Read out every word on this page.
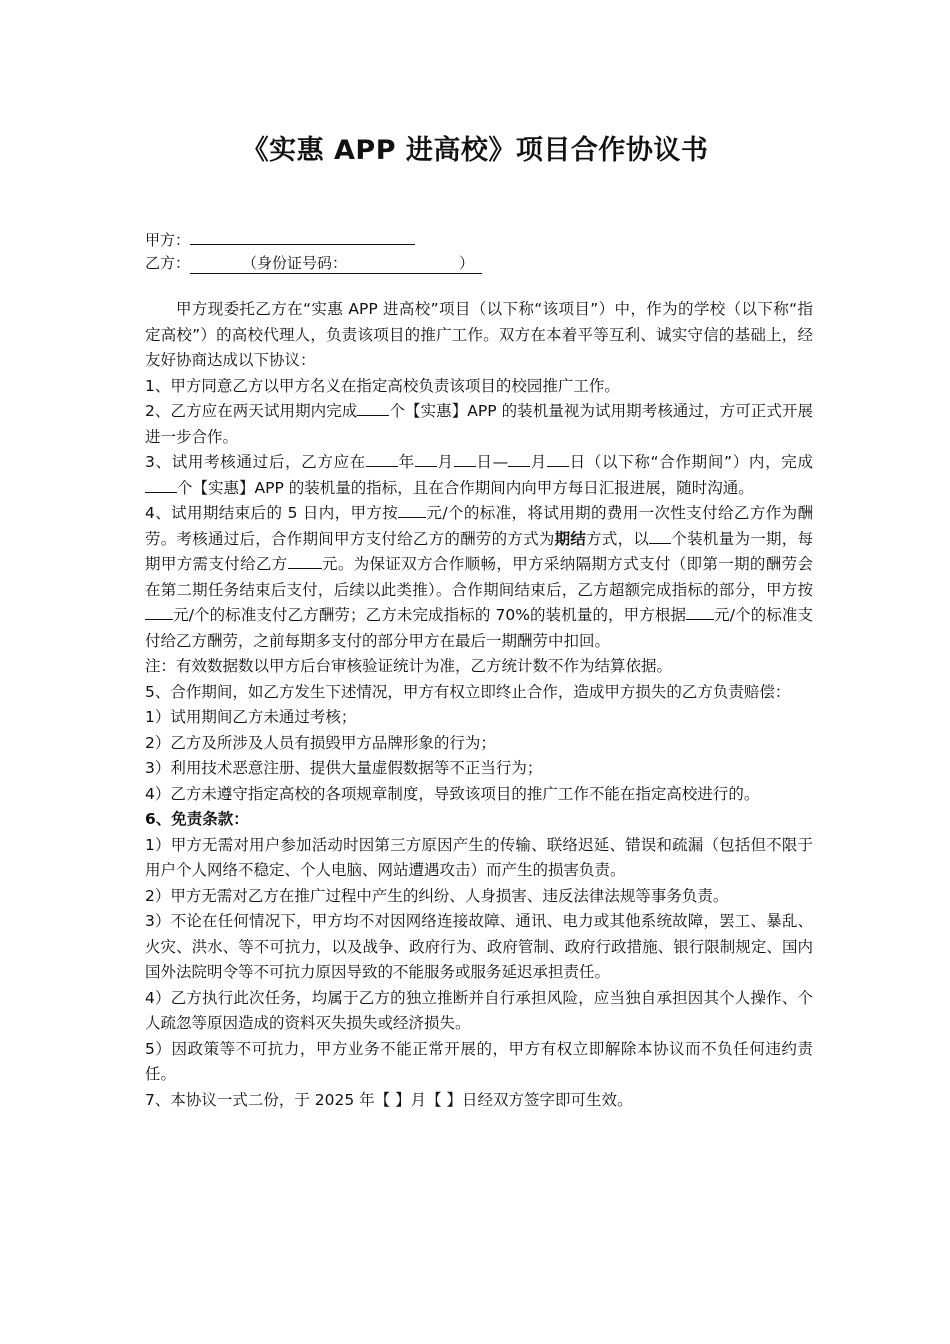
《实惠 APP 进高校》项目合作协议书
甲方：
乙方：	（身份证号码：	）

甲方现委托乙方在“实惠 APP 进高校”项目（以下称“该项目”）中，作为的学校（以下称“指定高校”）的高校代理人，负责该项目的推广工作。双方在本着平等互利、诚实守信的基础上，经友好协商达成以下协议：

1、甲方同意乙方以甲方名义在指定高校负责该项目的校园推广工作。

2、乙方应在两天试用期内完成 个【实惠】APP 的装机量视为试用期考核通过，方可正式开展进一步合作。

3、试用考核通过后，乙方应在 年 月 日— 月 日（以下称“合作期间”）内，完成个【实惠】APP 的装机量的指标，且在合作期间内向甲方每日汇报进展，随时沟通。

4、试用期结束后的 5 日内，甲方按 元/个的标准，将试用期的费用一次性支付给乙方作为酬劳。考核通过后，合作期间甲方支付给乙方的酬劳的方式为期结方式，以 个装机量为一期，每期甲方需支付给乙方 元。为保证双方合作顺畅，甲方采纳隔期方式支付（即第一期的酬劳会在第二期任务结束后支付，后续以此类推）。合作期间结束后，乙方超额完成指标的部分，甲方按元/个的标准支付乙方酬劳；乙方未完成指标的 70%的装机量的，甲方根据 元/个的标准支付给乙方酬劳，之前每期多支付的部分甲方在最后一期酬劳中扣回。

注：有效数据数以甲方后台审核验证统计为准，乙方统计数不作为结算依据。

5、合作期间，如乙方发生下述情况，甲方有权立即终止合作，造成甲方损失的乙方负责赔偿：

1）试用期间乙方未通过考核；

2）乙方及所涉及人员有损毁甲方品牌形象的行为；

3）利用技术恶意注册、提供大量虚假数据等不正当行为；

4）乙方未遵守指定高校的各项规章制度，导致该项目的推广工作不能在指定高校进行的。

6、免责条款：

1）甲方无需对用户参加活动时因第三方原因产生的传输、联络迟延、错误和疏漏（包括但不限于用户个人网络不稳定、个人电脑、网站遭遇攻击）而产生的损害负责。

2）甲方无需对乙方在推广过程中产生的纠纷、人身损害、违反法律法规等事务负责。

3）不论在任何情况下，甲方均不对因网络连接故障、通讯、电力或其他系统故障，罢工、暴乱、火灾、洪水、等不可抗力，以及战争、政府行为、政府管制、政府行政措施、银行限制规定、国内国外法院明令等不可抗力原因导致的不能服务或服务延迟承担责任。

4）乙方执行此次任务，均属于乙方的独立推断并自行承担风险，应当独自承担因其个人操作、个人疏忽等原因造成的资料灭失损失或经济损失。

5）因政策等不可抗力，甲方业务不能正常开展的，甲方有权立即解除本协议而不负任何违约责任。

7、本协议一式二份，于 2025 年【 】月【 】日经双方签字即可生效。
